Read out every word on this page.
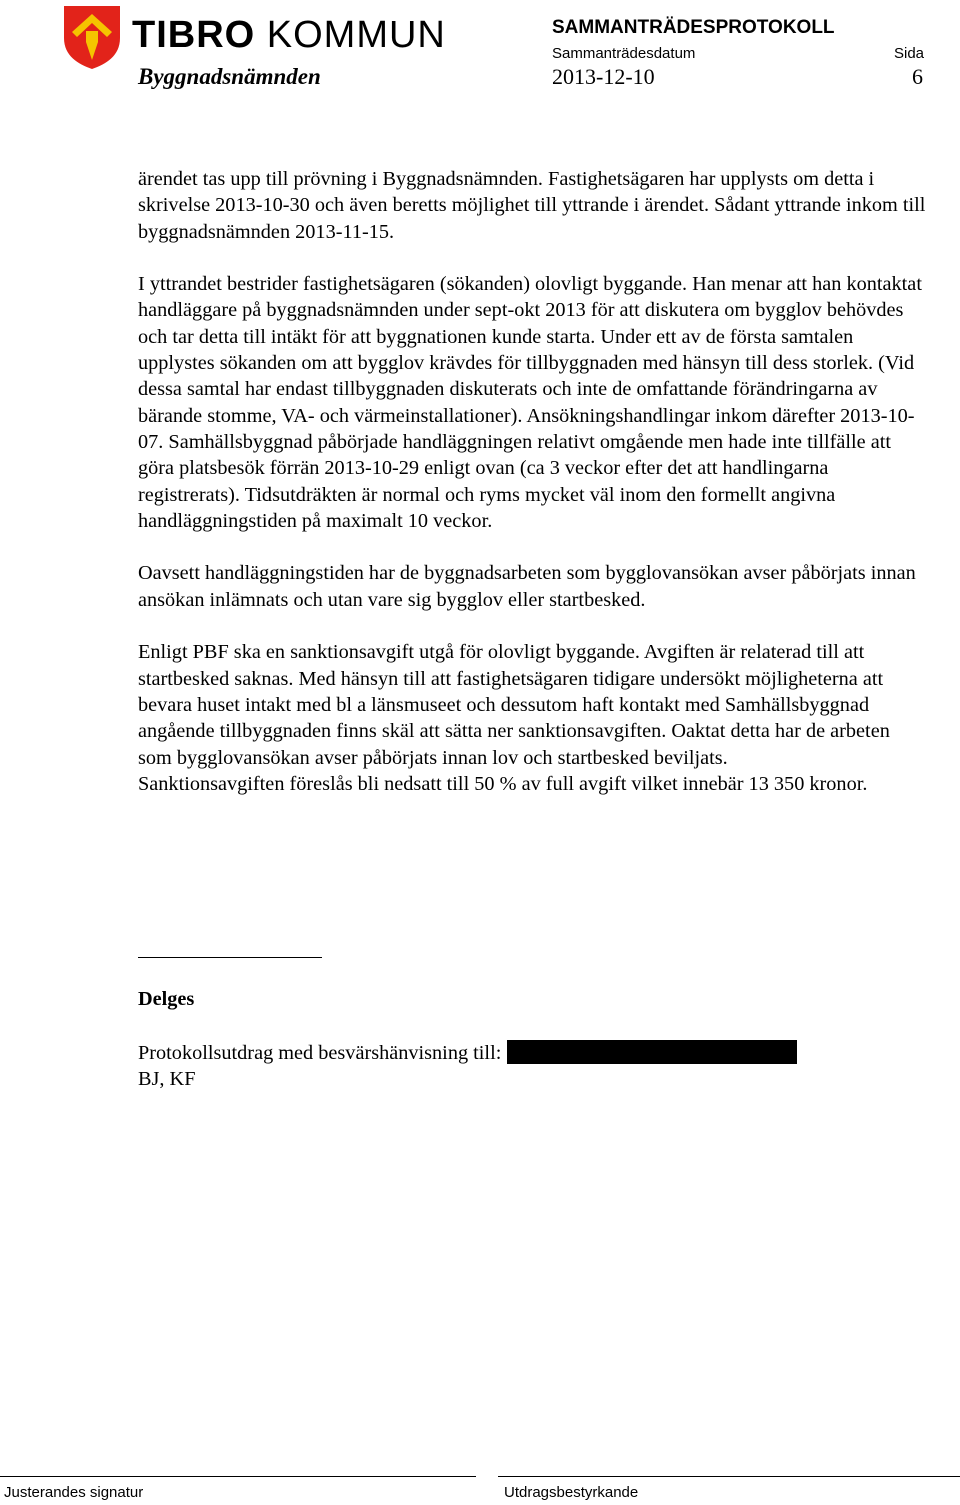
TIBRO KOMMUN
Byggnadsnämnden
SAMMANTRÄDESPROTOKOLL
Sammanträdesdatum	Sida
2013-12-10	6

ärendet tas upp till prövning i Byggnadsnämnden. Fastighetsägaren har upplysts om detta i skrivelse 2013-10-30 och även beretts möjlighet till yttrande i ärendet. Sådant yttrande inkom till byggnadsnämnden 2013-11-15.

I yttrandet bestrider fastighetsägaren (sökanden) olovligt byggande. Han menar att han kontaktat handläggare på byggnadsnämnden under sept-okt 2013 för att diskutera om bygglov behövdes och tar detta till intäkt för att byggnationen kunde starta. Under ett av de första samtalen upplystes sökanden om att bygglov krävdes för tillbyggnaden med hänsyn till dess storlek. (Vid dessa samtal har endast tillbyggnaden diskuterats och inte de omfattande förändringarna av bärande stomme, VA- och värmeinstallationer). Ansökningshandlingar inkom därefter 2013-10-07. Samhällsbyggnad påbörjade handläggningen relativt omgående men hade inte tillfälle att göra platsbesök förrän 2013-10-29 enligt ovan (ca 3 veckor efter det att handlingarna registrerats). Tidsutdräkten är normal och ryms mycket väl inom den formellt angivna handläggningstiden på maximalt 10 veckor.

Oavsett handläggningstiden har de byggnadsarbeten som bygglovansökan avser påbörjats innan ansökan inlämnats och utan vare sig bygglov eller startbesked.

Enligt PBF ska en sanktionsavgift utgå för olovligt byggande. Avgiften är relaterad till att startbesked saknas. Med hänsyn till att fastighetsägaren tidigare undersökt möjligheterna att bevara huset intakt med bl a länsmuseet och dessutom haft kontakt med Samhällsbyggnad angående tillbyggnaden finns skäl att sätta ner sanktionsavgiften. Oaktat detta har de arbeten som bygglovansökan avser påbörjats innan lov och startbesked beviljats.

Sanktionsavgiften föreslås bli nedsatt till 50 % av full avgift vilket innebär 13 350 kronor.

Delges
Protokollsutdrag med besvärshänvisning till:
BJ, KF
Justerandes signatur	Utdragsbestyrkande
